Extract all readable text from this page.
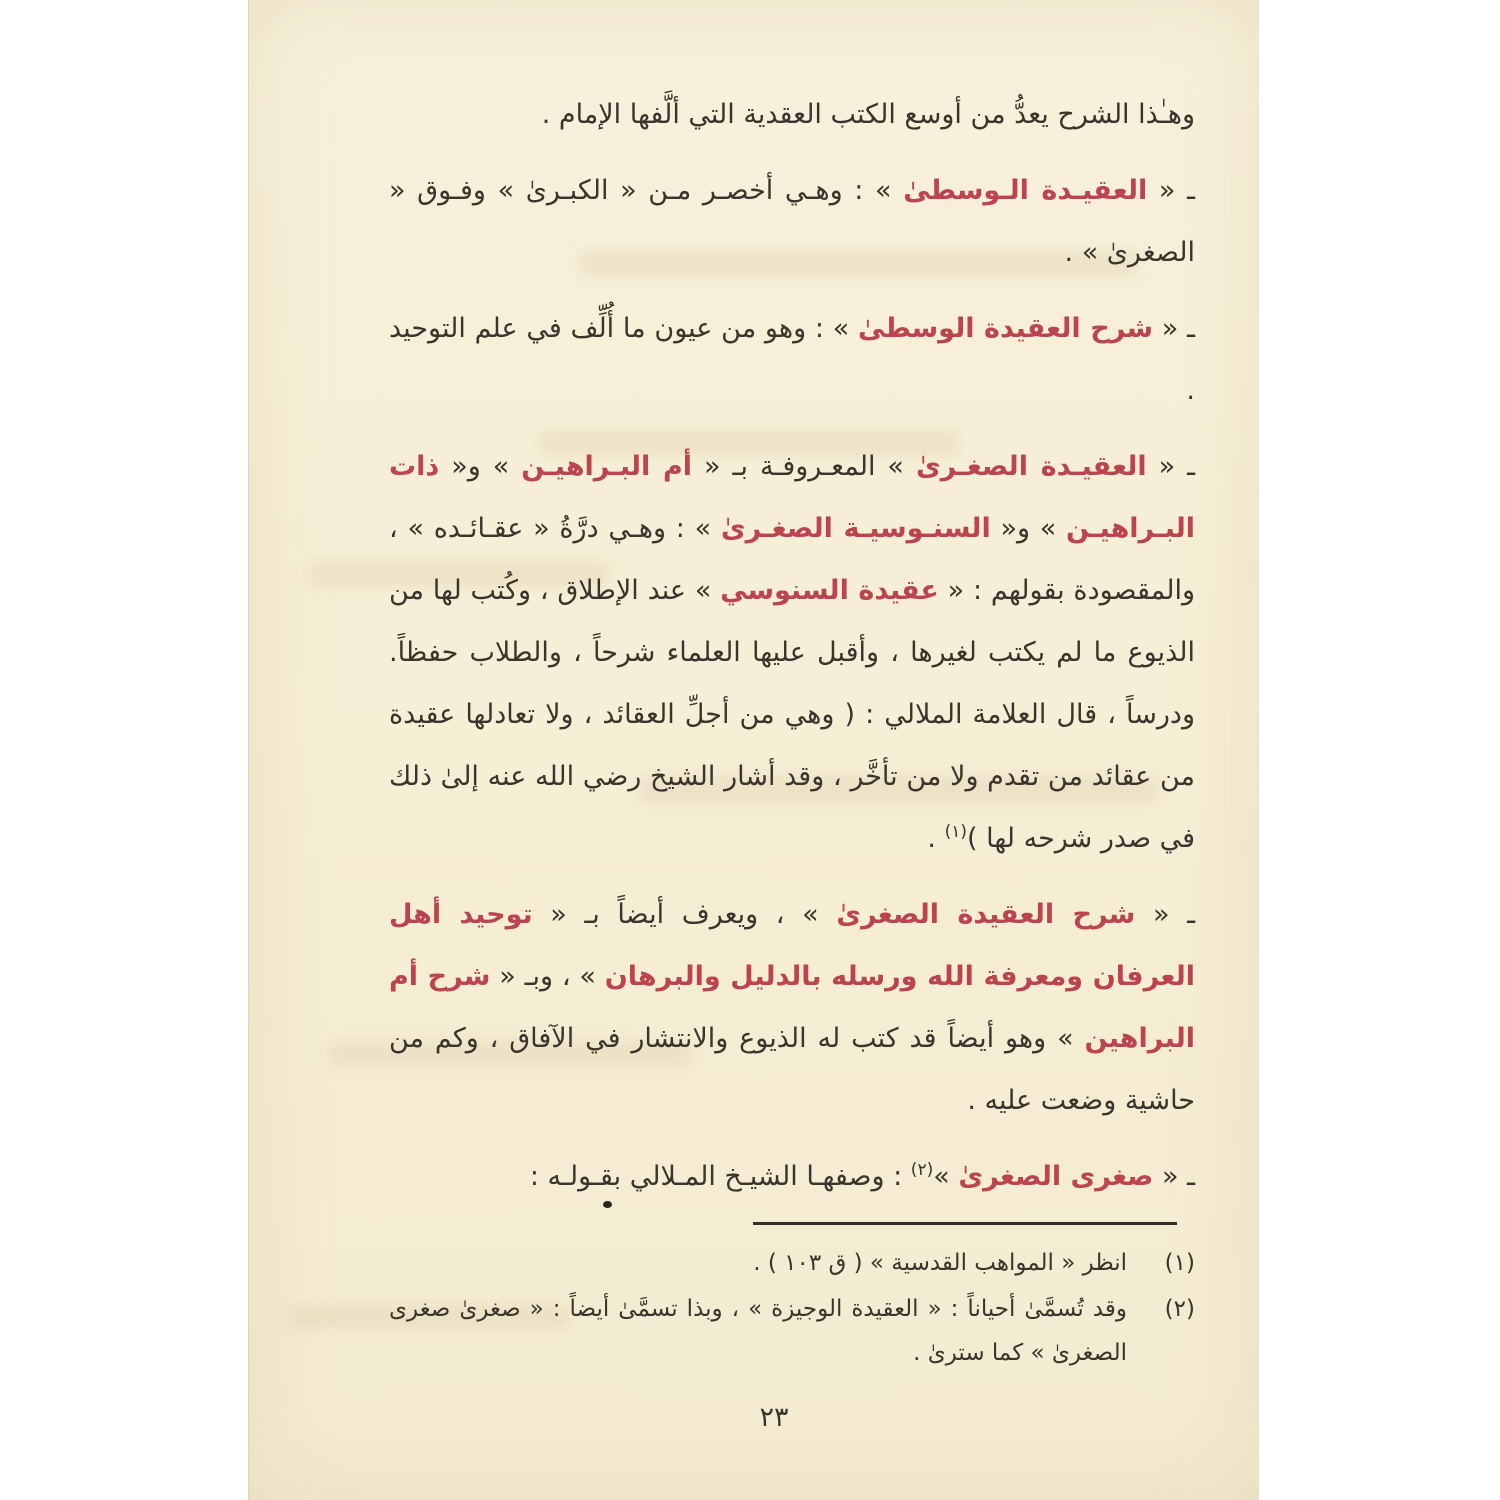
وهـٰذا الشرح يعدُّ من أوسع الكتب العقدية التي ألَّفها الإمام .

ـ « العقيـدة الـوسطىٰ » : وهـي أخصـر مـن « الكبـرىٰ » وفـوق « الصغرىٰ » .

ـ « شرح العقيدة الوسطىٰ » : وهو من عيون ما أُلِّف في علم التوحيد .

ـ « العقيـدة الصغـرىٰ » المعـروفـة بـ « أم البـراهيـن » و« ذات البـراهيـن » و« السنـوسيـة الصغـرىٰ » : وهـي درَّةُ « عقـائـده » ، والمقصودة بقولهم : « عقيدة السنوسي » عند الإطلاق ، وكُتب لها من الذيوع ما لم يكتب لغيرها ، وأقبل عليها العلماء شرحاً ، والطلاب حفظاً. ودرساً ، قال العلامة الملالي : ( وهي من أجلِّ العقائد ، ولا تعادلها عقيدة من عقائد من تقدم ولا من تأخَّر ، وقد أشار الشيخ رضي الله عنه إلىٰ ذلك في صدر شرحه لها )$^{(١)}$ .

ـ « شرح العقيدة الصغرىٰ » ، ويعرف أيضاً بـ « توحيد أهل العرفان ومعرفة الله ورسله بالدليل والبرهان » ، وبـ « شرح أم البراهين » وهو أيضاً قد كتب له الذيوع والانتشار في الآفاق ، وكم من حاشية وضعت عليه .

ـ « صغرى الصغرىٰ »$^{(٢)}$ : وصفهـا الشيـخ المـلالي بقـولـه :

(١)
انظر « المواهب القدسية » ( ق ١٠٣ ) .
(٢)
وقد تُسمَّىٰ أحياناً : « العقيدة الوجيزة » ، وبذا تسمَّىٰ أيضاً : « صغرىٰ صغرى الصغرىٰ » كما سترىٰ .
٢٣
